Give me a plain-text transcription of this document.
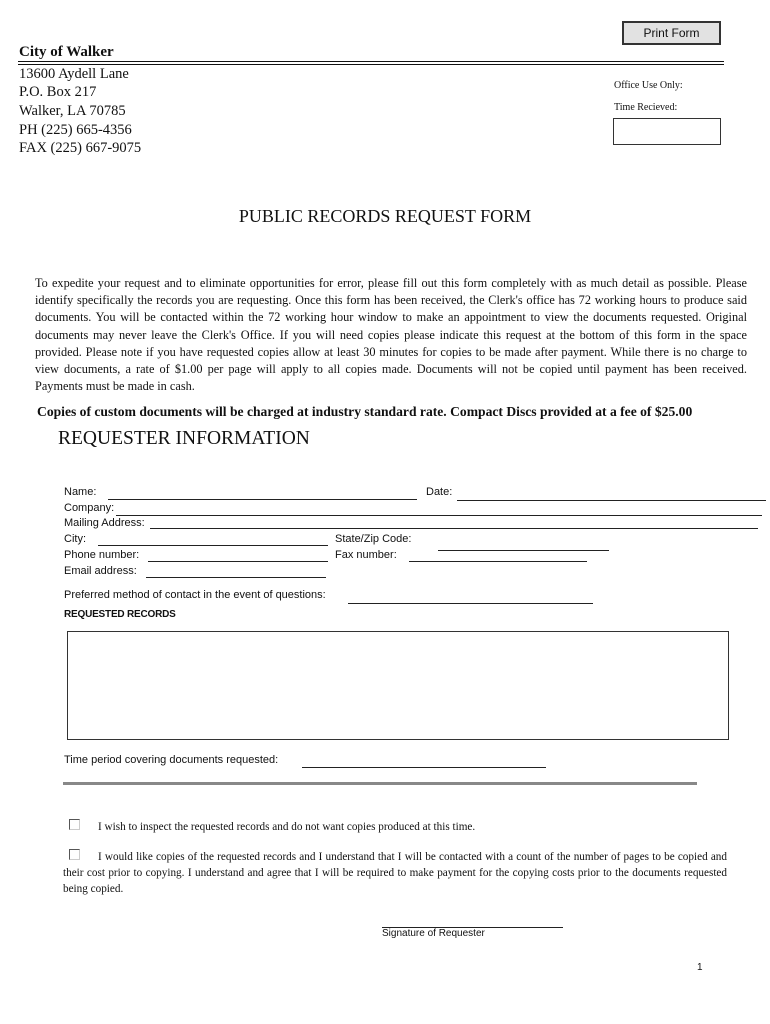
Print Form
City of Walker
13600 Aydell Lane
P.O. Box 217
Walker, LA 70785
PH (225) 665-4356
FAX (225) 667-9075
Office Use Only:
Time Recieved:
PUBLIC RECORDS REQUEST FORM
To expedite your request and to eliminate opportunities for error, please fill out this form completely with as much detail as possible. Please identify specifically the records you are requesting. Once this form has been received, the Clerk's office has 72 working hours to produce said documents. You will be contacted within the 72 working hour window to make an appointment to view the documents requested. Original documents may never leave the Clerk's Office. If you will need copies please indicate this request at the bottom of this form in the space provided. Please note if you have requested copies allow at least 30 minutes for copies to be made after payment. While there is no charge to view documents, a rate of $1.00 per page will apply to all copies made. Documents will not be copied until payment has been received. Payments must be made in cash.
Copies of custom documents will be charged at industry standard rate. Compact Discs provided at a fee of $25.00
REQUESTER INFORMATION
Name:	Date:
Company:
Mailing Address:
City:	State/Zip Code:
Phone number:	Fax number:
Email address:
Preferred method of contact in the event of questions:
REQUESTED RECORDS
Time period covering documents requested:
I wish to inspect the requested records and do not want copies produced at this time.
I would like copies of the requested records and I understand that I will be contacted with a count of the number of pages to be copied and their cost prior to copying. I understand and agree that I will be required to make payment for the copying costs prior to the documents requested being copied.
Signature of Requester
1
